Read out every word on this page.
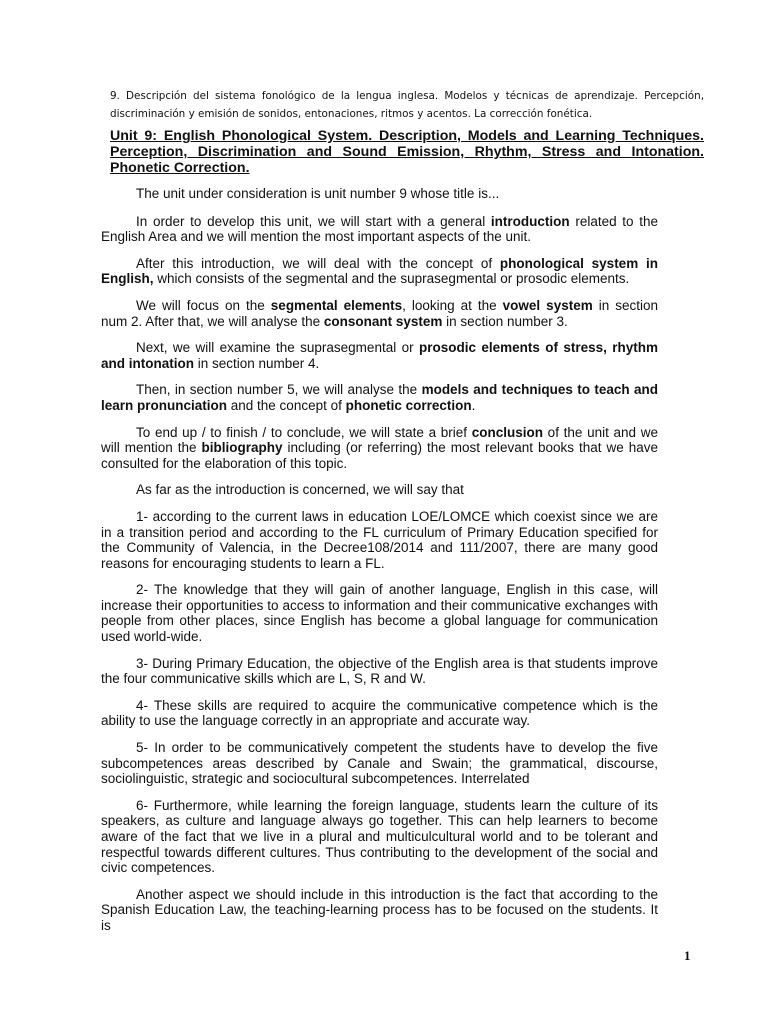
9. Descripción del sistema fonológico de la lengua inglesa. Modelos y técnicas de aprendizaje. Percepción, discriminación y emisión de sonidos, entonaciones, ritmos y acentos. La corrección fonética.
Unit 9: English Phonological System. Description, Models and Learning Techniques. Perception, Discrimination and Sound Emission, Rhythm, Stress and Intonation. Phonetic Correction.

The unit under consideration is unit number 9 whose title is...

In order to develop this unit, we will start with a general introduction related to the English Area and we will mention the most important aspects of the unit.

After this introduction, we will deal with the concept of phonological system in English, which consists of the segmental and the suprasegmental or prosodic elements.

We will focus on the segmental elements, looking at the vowel system in section num 2. After that, we will analyse the consonant system in section number 3.

Next, we will examine the suprasegmental or prosodic elements of stress, rhythm and intonation in section number 4.

Then, in section number 5, we will analyse the models and techniques to teach and learn pronunciation and the concept of phonetic correction.

To end up / to finish / to conclude, we will state a brief conclusion of the unit and we will mention the bibliography including (or referring) the most relevant books that we have consulted for the elaboration of this topic.

As far as the introduction is concerned, we will say that

1- according to the current laws in education LOE/LOMCE which coexist since we are in a transition period and according to the FL curriculum of Primary Education specified for the Community of Valencia, in the Decree108/2014 and 111/2007, there are many good reasons for encouraging students to learn a FL.

2- The knowledge that they will gain of another language, English in this case, will increase their opportunities to access to information and their communicative exchanges with people from other places, since English has become a global language for communication used world-wide.

3- During Primary Education, the objective of the English area is that students improve the four communicative skills which are L, S, R and W.

4- These skills are required to acquire the communicative competence which is the ability to use the language correctly in an appropriate and accurate way.

5- In order to be communicatively competent the students have to develop the five subcompetences areas described by Canale and Swain; the grammatical, discourse, sociolinguistic, strategic and sociocultural subcompetences. Interrelated

6- Furthermore, while learning the foreign language, students learn the culture of its speakers, as culture and language always go together. This can help learners to become aware of the fact that we live in a plural and multiculcultural world and to be tolerant and respectful towards different cultures. Thus contributing to the development of the social and civic competences.

Another aspect we should include in this introduction is the fact that according to the Spanish Education Law, the teaching-learning process has to be focused on the students. It is

1
